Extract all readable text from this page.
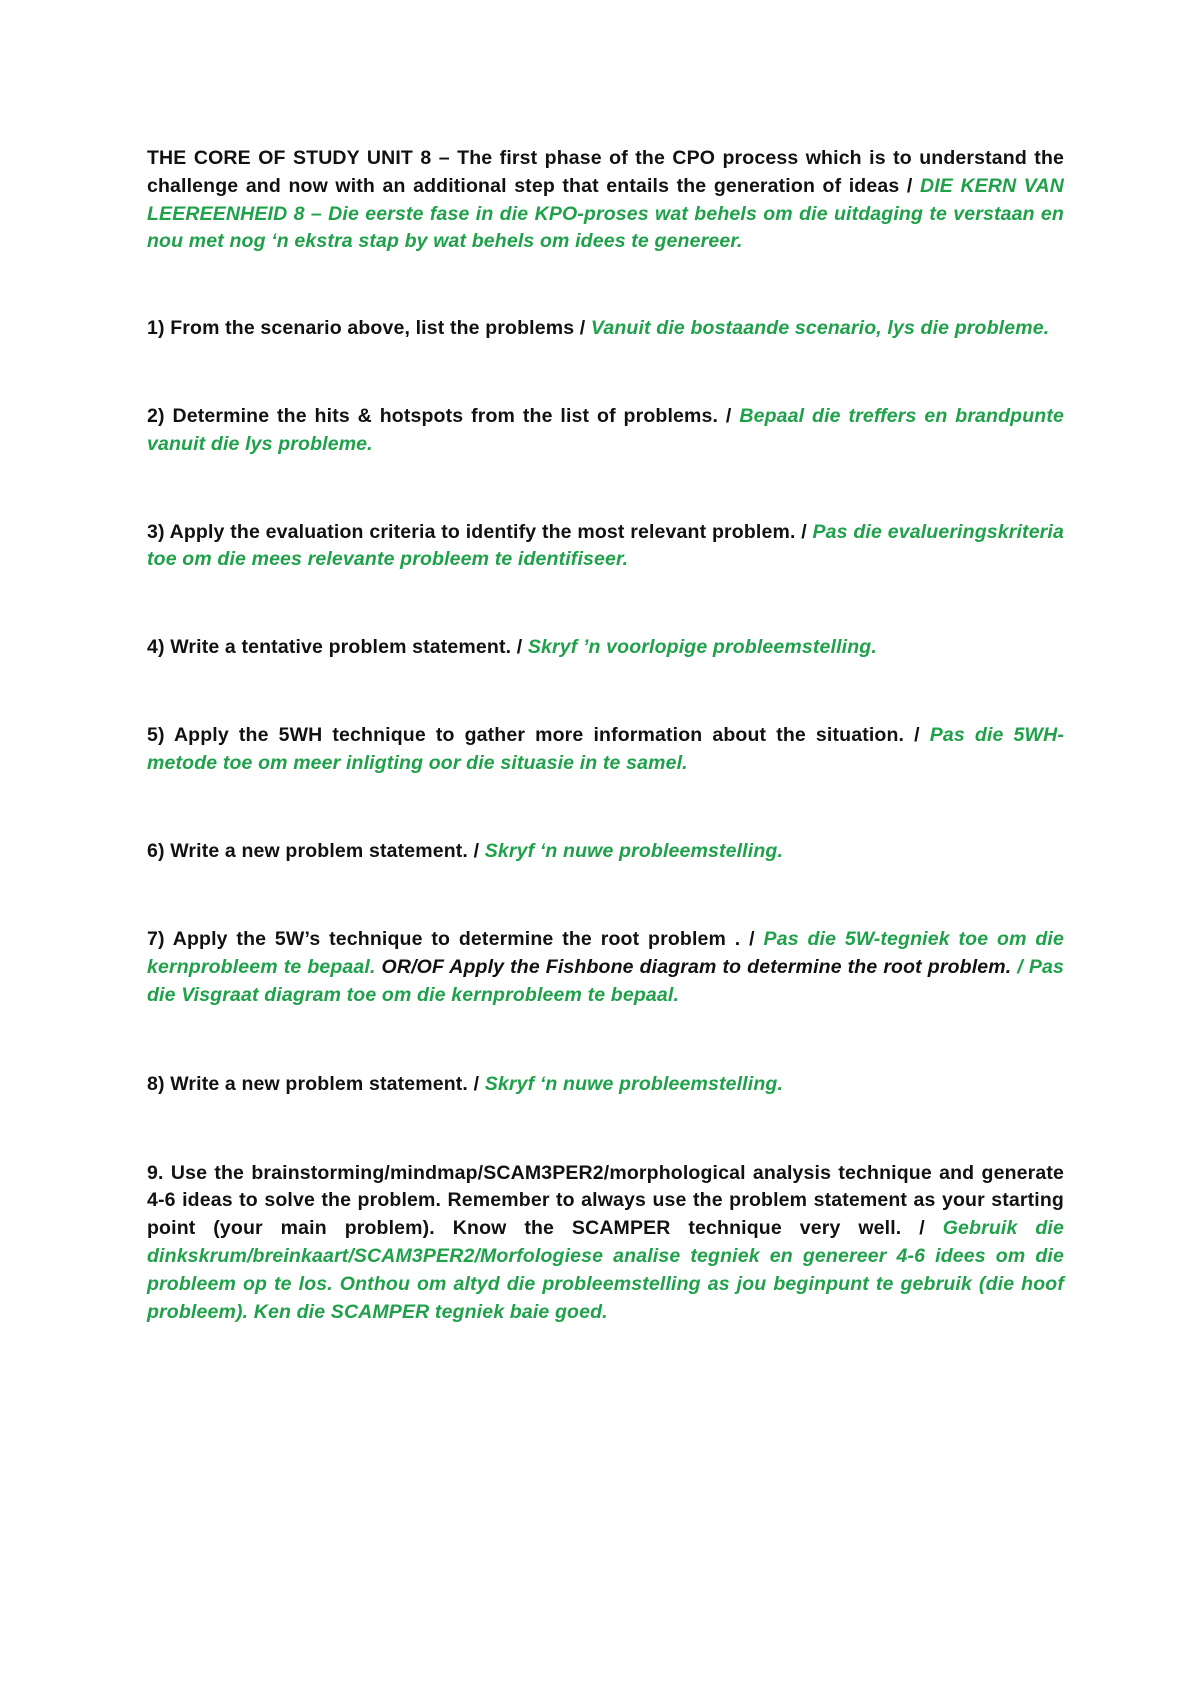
THE CORE OF STUDY UNIT 8 – The first phase of the CPO process which is to understand the challenge and now with an additional step that entails the generation of ideas / DIE KERN VAN LEEREENHEID 8 – Die eerste fase in die KPO-proses wat behels om die uitdaging te verstaan en nou met nog ‘n ekstra stap by wat behels om idees te genereer.

1) From the scenario above, list the problems / Vanuit die bostaande scenario, lys die probleme.

2) Determine the hits & hotspots from the list of problems. / Bepaal die treffers en brandpunte vanuit die lys probleme.

3) Apply the evaluation criteria to identify the most relevant problem. / Pas die evalueringskriteria toe om die mees relevante probleem te identifiseer.

4) Write a tentative problem statement. / Skryf ’n voorlopige probleemstelling.

5) Apply the 5WH technique to gather more information about the situation. / Pas die 5WH-metode toe om meer inligting oor die situasie in te samel.

6) Write a new problem statement. / Skryf ‘n nuwe probleemstelling.

7) Apply the 5W’s technique to determine the root problem . / Pas die 5W-tegniek toe om die kernprobleem te bepaal. OR/OF Apply the Fishbone diagram to determine the root problem. / Pas die Visgraat diagram toe om die kernprobleem te bepaal.

8) Write a new problem statement. / Skryf ‘n nuwe probleemstelling.

9. Use the brainstorming/mindmap/SCAM3PER2/morphological analysis technique and generate 4-6 ideas to solve the problem. Remember to always use the problem statement as your starting point (your main problem). Know the SCAMPER technique very well. / Gebruik die dinkskrum/breinkaart/SCAM3PER2/Morfologiese analise tegniek en genereer 4-6 idees om die probleem op te los. Onthou om altyd die probleemstelling as jou beginpunt te gebruik (die hoof probleem). Ken die SCAMPER tegniek baie goed.
